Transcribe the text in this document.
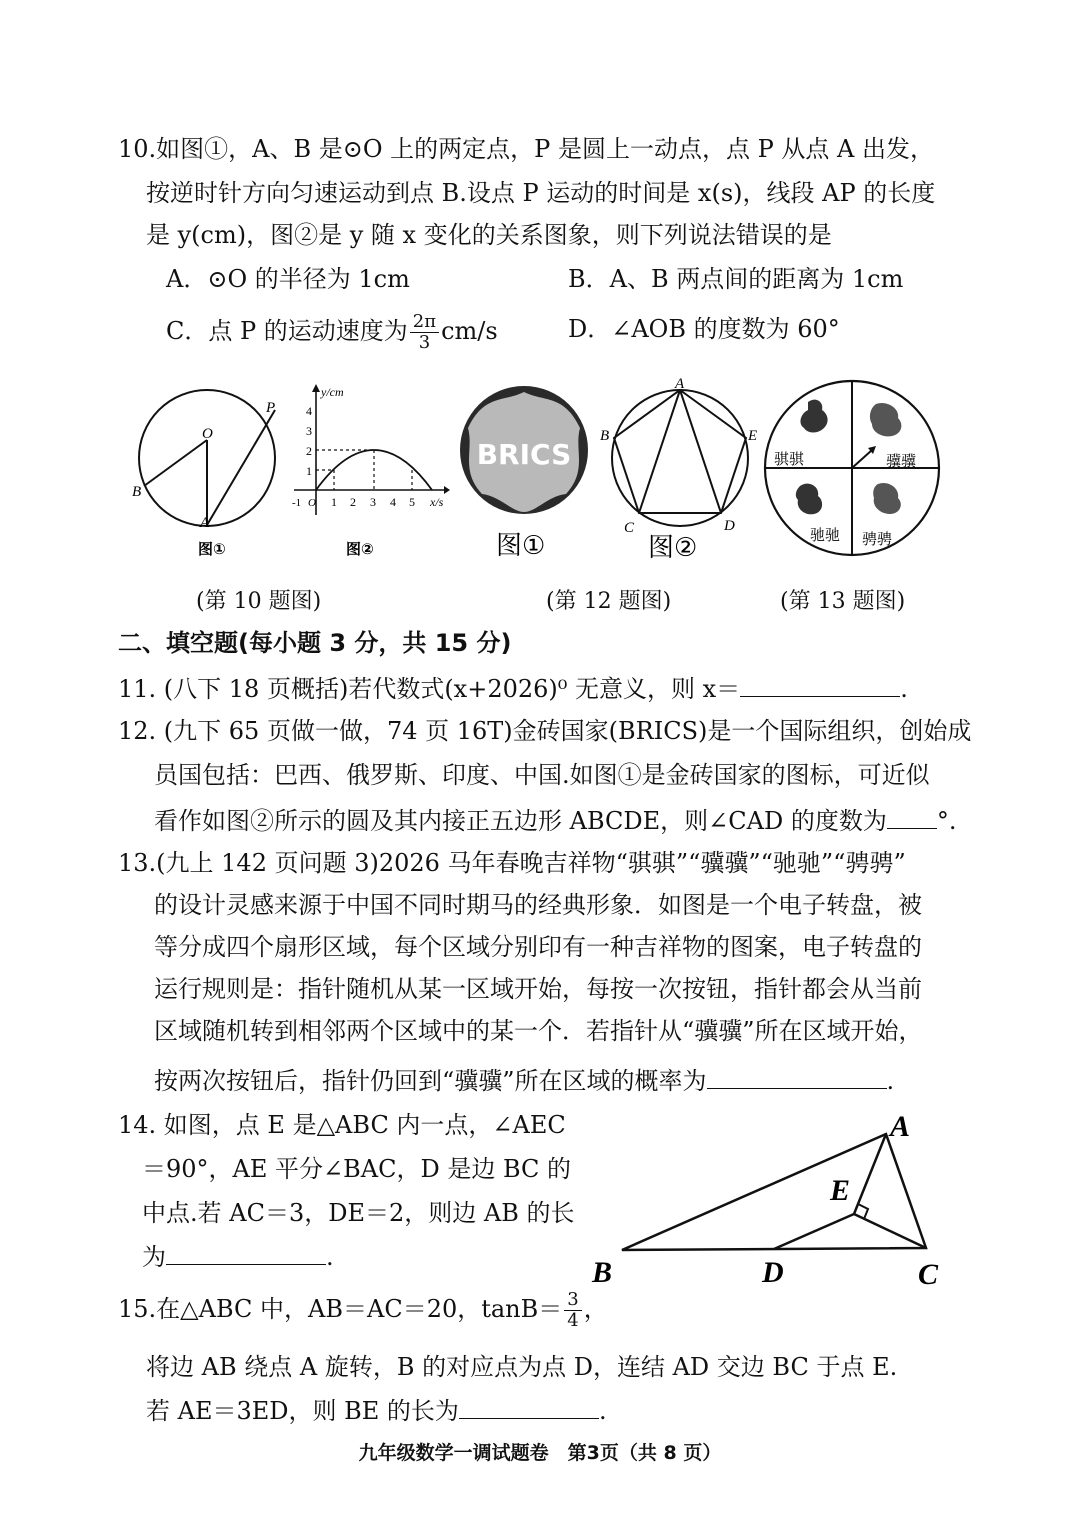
10.如图①，A、B 是⊙O 上的两定点，P 是圆上一动点，点 P 从点 A 出发，
按逆时针方向匀速运动到点 B.设点 P 运动的时间是 x(s)，线段 AP 的长度
是 y(cm)，图②是 y 随 x 变化的关系图象，则下列说法错误的是
A．⊙O 的半径为 1cm	B．A、B 两点间的距离为 1cm
C．点 P 的运动速度为 $\frac{2\pi}{3} cm/s$	D．∠AOB 的度数为 60°
O
P
B
A
图①
y/cm
x/s
1
2
3
4
-1 O 1 2 3 4 5
图②
BRICS
图①
A
B
C	D
E
图②
骐骐	骥骥
驰驰 骋骋
(第 10 题图)	(第 12 题图)	(第 13 题图)
二、填空题(每小题 3 分，共 15 分)
11. (八下 18 页概括)若代数式(x+2026)⁰ 无意义，则 x＝	.
12. (九下 65 页做一做，74 页 16T)金砖国家(BRICS)是一个国际组织，创始成
员国包括：巴西、俄罗斯、印度、中国.如图①是金砖国家的图标，可近似
看作如图②所示的圆及其内接正五边形 ABCDE，则∠CAD 的度数为 °.
13.(九上 142 页问题 3)2026 马年春晚吉祥物“骐骐”“骥骥”“驰驰”“骋骋”
的设计灵感来源于中国不同时期马的经典形象．如图是一个电子转盘，被
等分成四个扇形区域，每个区域分别印有一种吉祥物的图案，电子转盘的
运行规则是：指针随机从某一区域开始，每按一次按钮，指针都会从当前
区域随机转到相邻两个区域中的某一个．若指针从“骥骥”所在区域开始，
按两次按钮后，指针仍回到“骥骥”所在区域的概率为	.
14. 如图，点 E 是△ABC 内一点，∠AEC
＝90°，AE 平分∠BAC，D 是边 BC 的
中点.若 AC＝3，DE＝2，则边 AB 的长
为	.
A
E
B	D	C
15.在△ABC 中，AB＝AC＝20，$\tan B= \frac{3}{4}$ ，
将边 AB 绕点 A 旋转，B 的对应点为点 D，连结 AD 交边 BC 于点 E.
若 AE＝3ED，则 BE 的长为	.
九年级数学一调试题卷　第3页（共 8 页）
